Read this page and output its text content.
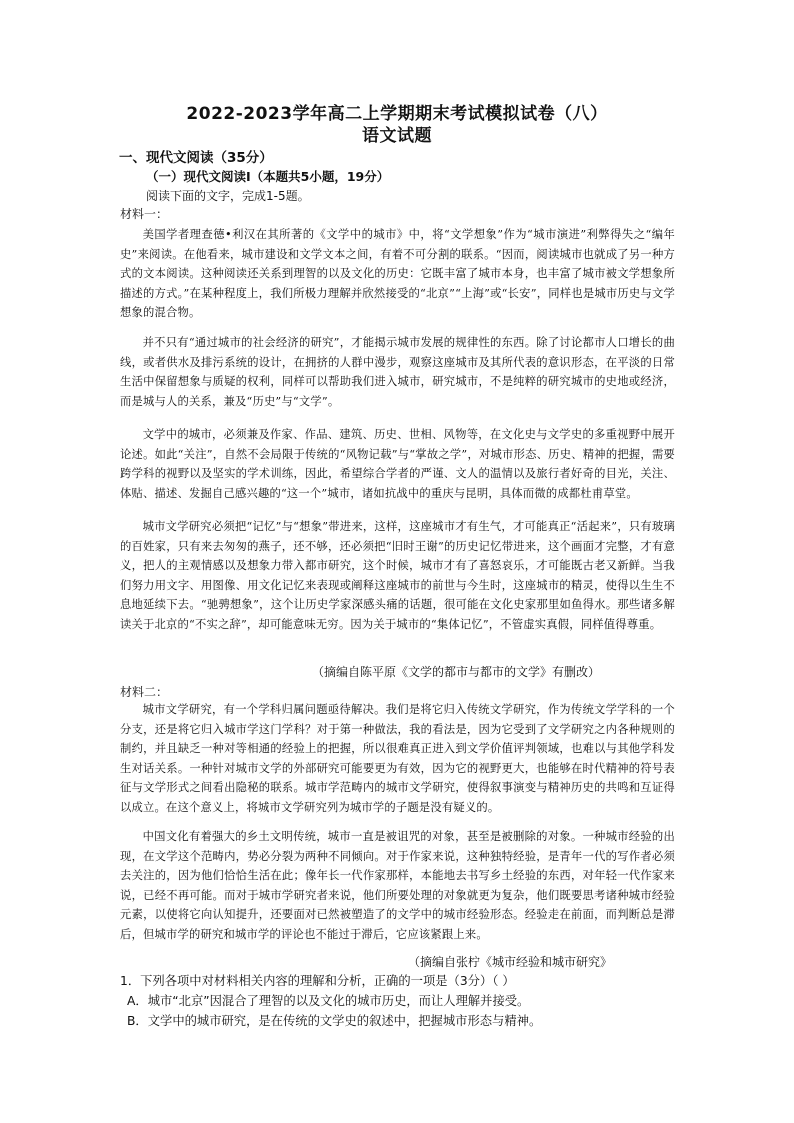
2022-2023学年高二上学期期末考试模拟试卷（八）
语文试题
一、现代文阅读（35分）
（一）现代文阅读Ⅰ（本题共5小题，19分）
阅读下面的文字，完成1-5题。
材料一：
美国学者理查德•利汉在其所著的《文学中的城市》中，将“文学想象”作为“城市演进”利弊得失之“编年史”来阅读。在他看来，城市建设和文学文本之间，有着不可分割的联系。“因而，阅读城市也就成了另一种方式的文本阅读。这种阅读还关系到理智的以及文化的历史：它既丰富了城市本身，也丰富了城市被文学想象所描述的方式。”在某种程度上，我们所极力理解并欣然接受的“北京”“上海”或“长安”，同样也是城市历史与文学想象的混合物。
并不只有“通过城市的社会经济的研究”，才能揭示城市发展的规律性的东西。除了讨论都市人口增长的曲线，或者供水及排污系统的设计，在拥挤的人群中漫步，观察这座城市及其所代表的意识形态，在平淡的日常生活中保留想象与质疑的权利，同样可以帮助我们进入城市，研究城市，不是纯粹的研究城市的史地或经济，而是城与人的关系，兼及“历史”与“文学”。
文学中的城市，必须兼及作家、作品、建筑、历史、世相、风物等，在文化史与文学史的多重视野中展开论述。如此“关注”，自然不会局限于传统的“风物记载”与“掌故之学”，对城市形态、历史、精神的把握，需要跨学科的视野以及坚实的学术训练，因此，希望综合学者的严谨、文人的温情以及旅行者好奇的目光，关注、体贴、描述、发掘自己感兴趣的“这一个”城市，诸如抗战中的重庆与昆明，具体而微的成都杜甫草堂。
城市文学研究必须把“记忆”与“想象”带进来，这样，这座城市才有生气，才可能真正“活起来”，只有玻璃的百姓家，只有来去匆匆的燕子，还不够，还必须把“旧时王谢”的历史记忆带进来，这个画面才完整，才有意义，把人的主观情感以及想象力带入都市研究，这个时候，城市才有了喜怒哀乐，才可能既古老又新鲜。当我们努力用文字、用图像、用文化记忆来表现或阐释这座城市的前世与今生时，这座城市的精灵，使得以生生不息地延续下去。“驰骋想象”，这个让历史学家深感头痛的话题，很可能在文化史家那里如鱼得水。那些诸多解读关于北京的“不实之辞”，却可能意味无穷。因为关于城市的“集体记忆”，不管虚实真假，同样值得尊重。
（摘编自陈平原《文学的都市与都市的文学》有删改）
材料二：
城市文学研究，有一个学科归属问题亟待解决。我们是将它归入传统文学研究，作为传统文学学科的一个分支，还是将它归入城市学这门学科？对于第一种做法，我的看法是，因为它受到了文学研究之内各种规则的制约，并且缺乏一种对等相通的经验上的把握，所以很难真正进入到文学价值评判领域，也难以与其他学科发生对话关系。一种针对城市文学的外部研究可能要更为有效，因为它的视野更大，也能够在时代精神的符号表征与文学形式之间看出隐秘的联系。城市学范畴内的城市文学研究，使得叙事演变与精神历史的共鸣和互证得以成立。在这个意义上，将城市文学研究列为城市学的子题是没有疑义的。
中国文化有着强大的乡土文明传统，城市一直是被诅咒的对象，甚至是被删除的对象。一种城市经验的出现，在文学这个范畴内，势必分裂为两种不同倾向。对于作家来说，这种独特经验，是青年一代的写作者必须去关注的，因为他们恰恰生活在此；像年长一代作家那样，本能地去书写乡土经验的东西，对年轻一代作家来说，已经不再可能。而对于城市学研究者来说，他们所要处理的对象就更为复杂，他们既要思考诸种城市经验元素，以使将它向认知提升，还要面对已然被塑造了的文学中的城市经验形态。经验走在前面，而判断总是滞后，但城市学的研究和城市学的评论也不能过于滞后，它应该紧跟上来。
（摘编自张柠《城市经验和城市研究》
1．下列各项中对材料相关内容的理解和分析，正确的一项是（3分）（ ）
A．城市“北京”因混合了理智的以及文化的城市历史，而让人理解并接受。
B．文学中的城市研究，是在传统的文学史的叙述中，把握城市形态与精神。
